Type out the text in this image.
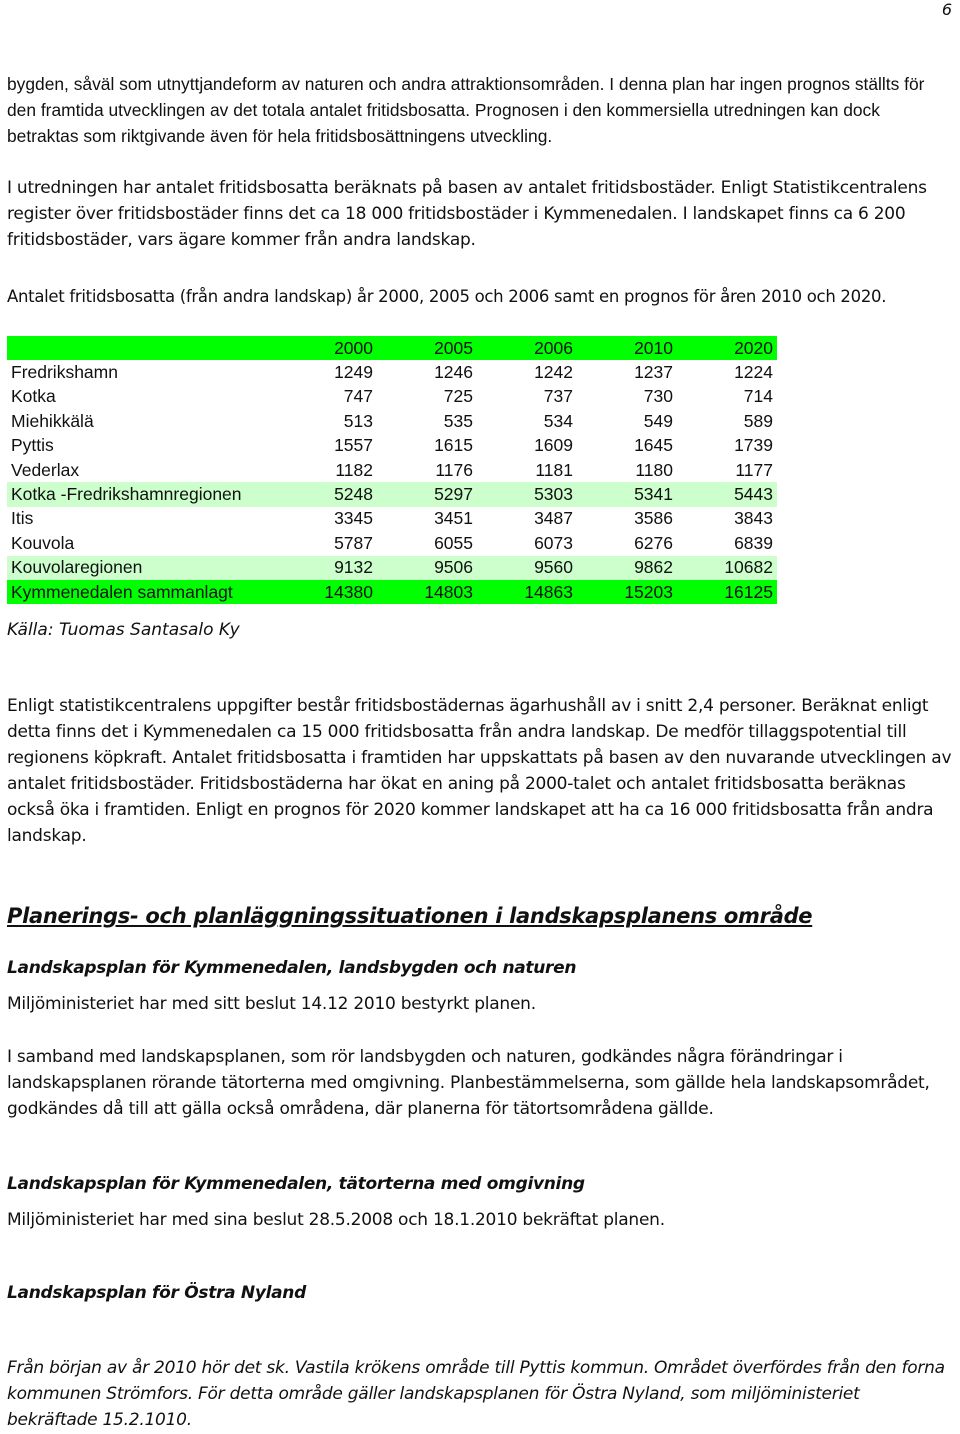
6
bygden, såväl som utnyttjandeform av naturen och andra attraktionsområden. I denna plan har ingen prognos ställts för den framtida utvecklingen av det totala antalet fritidsbosatta. Prognosen i den kommersiella utredningen kan dock betraktas som riktgivande även för hela fritidsbosättningens utveckling.
I utredningen har antalet fritidsbosatta beräknats på basen av antalet fritidsbostäder. Enligt Statistikcentralens register över fritidsbostäder finns det ca 18 000 fritidsbostäder i Kymmenedalen. I landskapet finns ca 6 200 fritidsbostäder, vars ägare kommer från andra landskap.
Antalet fritidsbosatta (från andra landskap) år 2000, 2005 och 2006 samt en prognos för åren 2010 och 2020.
	2000	2005	2006	2010	2020
Fredrikshamn	1249	1246	1242	1237	1224
Kotka	747	725	737	730	714
Miehikkälä	513	535	534	549	589
Pyttis	1557	1615	1609	1645	1739
Vederlax	1182	1176	1181	1180	1177
Kotka -Fredrikshamnregionen	5248	5297	5303	5341	5443
Itis	3345	3451	3487	3586	3843
Kouvola	5787	6055	6073	6276	6839
Kouvolaregionen	9132	9506	9560	9862	10682
Kymmenedalen sammanlagt	14380	14803	14863	15203	16125
Källa: Tuomas Santasalo Ky
Enligt statistikcentralens uppgifter består fritidsbostädernas ägarhushåll av i snitt 2,4 personer. Beräknat enligt detta finns det i Kymmenedalen ca 15 000 fritidsbosatta från andra landskap. De medför tillaggspotential till regionens köpkraft. Antalet fritidsbosatta i framtiden har uppskattats på basen av den nuvarande utvecklingen av antalet fritidsbostäder. Fritidsbostäderna har ökat en aning på 2000-talet och antalet fritidsbosatta beräknas också öka i framtiden. Enligt en prognos för 2020 kommer landskapet att ha ca 16 000 fritidsbosatta från andra landskap.
Planerings- och planläggningssituationen i landskapsplanens område
Landskapsplan för Kymmenedalen, landsbygden och naturen
Miljöministeriet har med sitt beslut 14.12 2010 bestyrkt planen.
I samband med landskapsplanen, som rör landsbygden och naturen, godkändes några förändringar i landskapsplanen rörande tätorterna med omgivning. Planbestämmelserna, som gällde hela landskapsområdet, godkändes då till att gälla också områdena, där planerna för tätortsområdena gällde.
Landskapsplan för Kymmenedalen, tätorterna med omgivning
Miljöministeriet har med sina beslut 28.5.2008 och 18.1.2010 bekräftat planen.
Landskapsplan för Östra Nyland
Från början av år 2010 hör det sk. Vastila krökens område till Pyttis kommun. Området överfördes från den forna kommunen Strömfors. För detta område gäller landskapsplanen för Östra Nyland, som miljöministeriet bekräftade 15.2.1010.
